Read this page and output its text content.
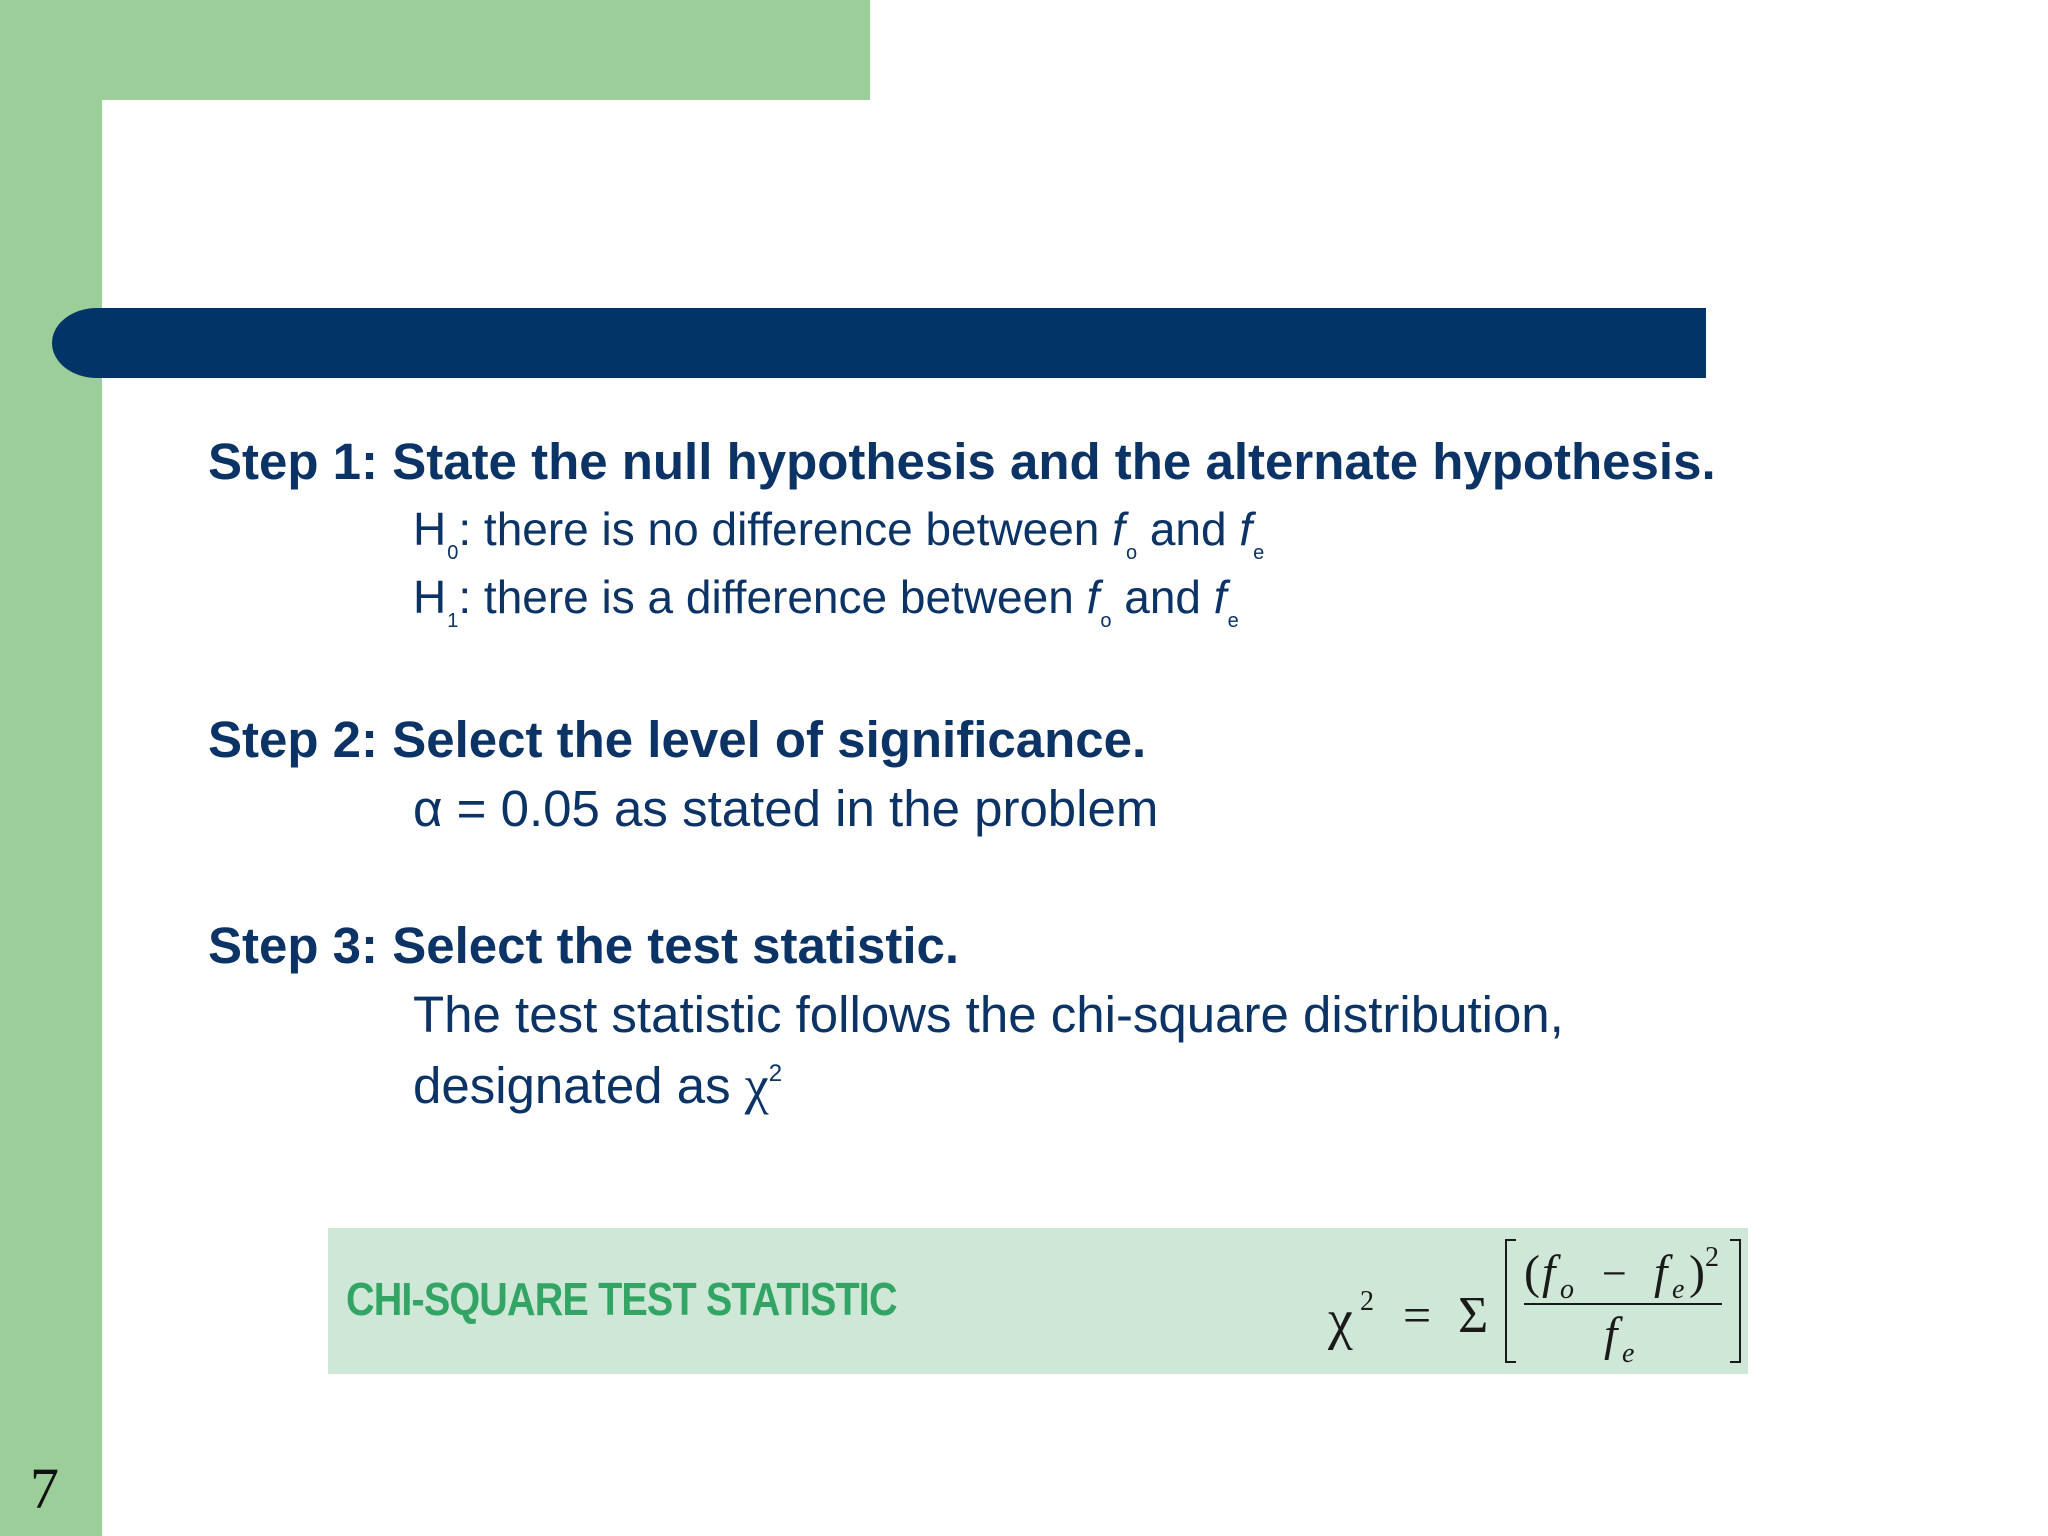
7
Step 1: State the null hypothesis and the alternate hypothesis.
$H_0$: there is no difference between $f_o$ and $f_e$
$H_1$: there is a difference between $f_o$ and $f_e$
Step 2: Select the level of significance.
α = 0.05 as stated in the problem
Step 3: Select the test statistic.
The test statistic follows the chi-square distribution,
designated as $\chi^2$
CHI-SQUARE TEST STATISTIC	χ 2 = Σ
( f o − f e ) 2
f e
